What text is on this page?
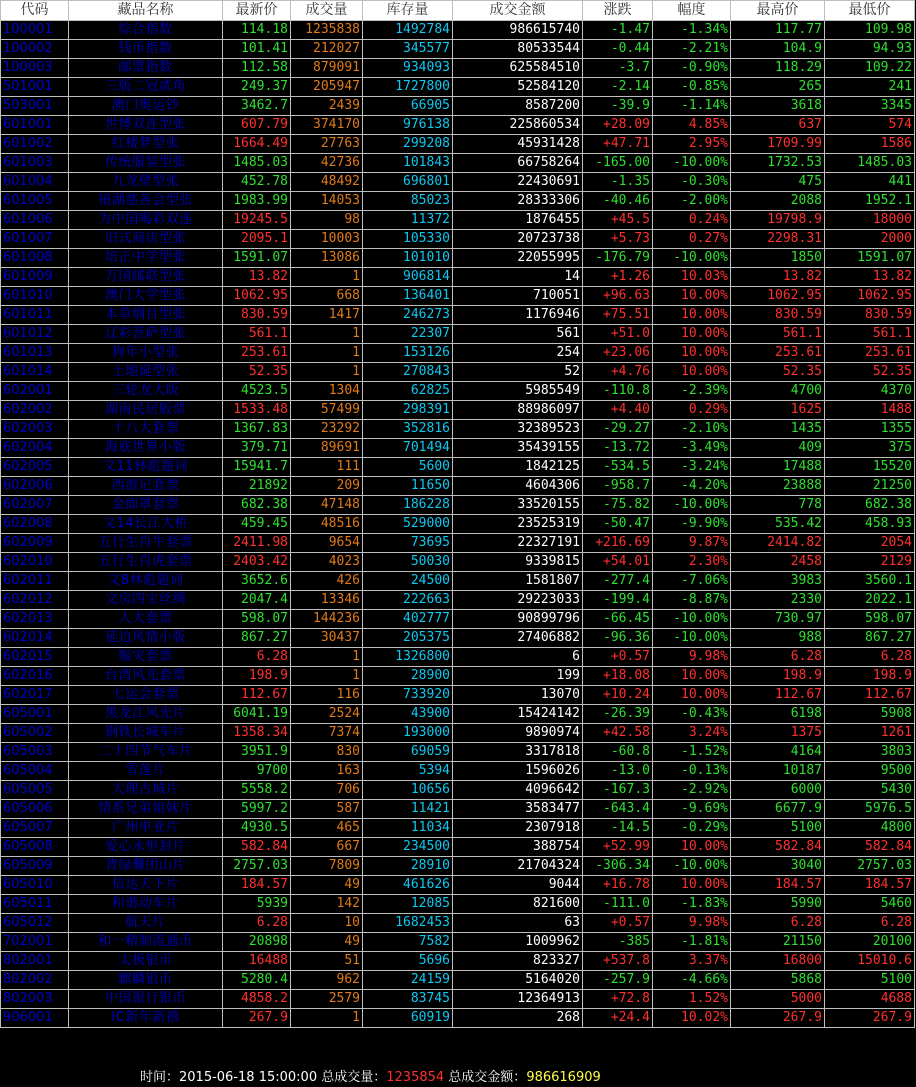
代码	藏品名称	最新价	成交量	库存量	成交金额	涨跌	幅度	最高价	最低价
100001	综合指数	114.18	1235838	1492784	986615740	-1.47	-1.34%	117.77	109.98
100002	钱币指数	101.41	212027	345577	80533544	-0.44	-2.21%	104.9	94.93
100003	邮票指数	112.58	879091	934093	625584510	-3.7	-0.90%	118.29	109.22
501001	三版二冠贰角	249.37	205947	1727800	52584120	-2.14	-0.85%	265	241
503001	澳门奥运钞	3462.7	2439	66905	8587200	-39.9	-1.14%	3618	3345
601001	世博双连型张	607.79	374170	976138	225860534	+28.09	4.85%	637	574
601002	红楼梦型张	1664.49	27763	299208	45931428	+47.71	2.95%	1709.99	1586
601003	传统服装型张	1485.03	42736	101843	66758264	-165.00	-10.00%	1732.53	1485.03
601004	九龙壁型张	452.78	48492	696801	22430691	-1.35	-0.30%	475	441
601005	镜湖慈善会型张	1983.99	14053	85023	28333306	-40.46	-2.00%	2088	1952.1
601006	为中国喝彩双连	19245.5	98	11372	1876455	+45.5	0.24%	19798.9	18000
601007	旧式商店型张	2095.1	10003	105330	20723738	+5.73	0.27%	2298.31	2000
601008	培正中学型张	1591.07	13086	101010	22055995	-176.79	-10.00%	1850	1591.07
601009	万国邮联型张	13.82	1	906814	14	+1.26	10.03%	13.82	13.82
601010	澳门大学型张	1062.95	668	136401	710051	+96.63	10.00%	1062.95	1062.95
601011	本草纲目型张	830.59	1417	246273	1176946	+75.51	10.00%	830.59	830.59
601012	辽彩菩萨型张	561.1	1	22307	561	+51.0	10.00%	561.1	561.1
601013	狗年小型张	253.61	1	153126	254	+23.06	10.00%	253.61	253.61
601014	土地诞型张	52.35	1	270843	52	+4.76	10.00%	52.35	52.35
602001	三轮龙大版	4523.5	1304	62825	5985549	-110.8	-2.39%	4700	4370
602002	湖南民居版票	1533.48	57499	298391	88986097	+4.40	0.29%	1625	1488
602003	十八大套票	1367.83	23292	352816	32389523	-29.27	-2.10%	1435	1355
602004	海底世界小版	379.71	89691	701494	35439155	-13.72	-3.49%	409	375
602005	文11林彪题词	15941.7	111	5600	1842125	-534.5	-3.24%	17488	15520
602006	西游记套票	21892	209	11650	4604306	-958.7	-4.20%	23888	21250
602007	金面罩套票	682.38	47148	186228	33520155	-75.82	-10.00%	778	682.38
602008	文14长江大桥	459.45	48516	529000	23525319	-50.47	-9.90%	535.42	458.93
602009	五行生肖牛套票	2411.98	9654	73695	22327191	+216.69	9.87%	2414.82	2054
602010	五行生肖虎套票	2403.42	4023	50030	9339815	+54.01	2.30%	2458	2129
602011	文8林彪题词	3652.6	426	24500	1581807	-277.4	-7.06%	3983	3560.1
602012	文房四宝丝绸	2047.4	13346	222663	29223033	-199.4	-8.87%	2330	2022.1
602013	人大套票	598.07	144236	402777	90899796	-66.45	-10.00%	730.97	598.07
602014	延边风情小版	867.27	30437	205375	27406882	-96.36	-10.00%	988	867.27
602015	赈灾套票	6.28	1	1326800	6	+0.57	9.98%	6.28	6.28
602016	台湾风光套票	198.9	1	28900	199	+18.08	10.00%	198.9	198.9
602017	七运会套票	112.67	116	733920	13070	+10.24	10.00%	112.67	112.67
605001	黑龙江风光片	6041.19	2524	43900	15424142	-26.39	-0.43%	6198	5908
605002	钢铁长城车片	1358.34	7374	193000	9890974	+42.58	3.24%	1375	1261
605003	二十四节气车片	3951.9	830	69059	3317818	-60.8	-1.52%	4164	3803
605004	雪莲片	9700	163	5394	1596026	-13.0	-0.13%	10187	9500
605005	大理古城片	5558.2	706	10656	4096642	-167.3	-2.92%	6000	5430
605006	情系兄弟姐妹片	5997.2	587	11421	3583477	-643.4	-9.69%	6677.9	5976.5
605007	广州申亚片	4930.5	465	11034	2307918	-14.5	-0.29%	5100	4800
605008	爱心永恒封片	582.84	667	234500	388754	+52.99	10.00%	582.84	582.84
605009	背绿爨团山片	2757.03	7809	28910	21704324	-306.34	-10.00%	3040	2757.03
605010	信达天下片	184.57	49	461626	9044	+16.78	10.00%	184.57	184.57
605011	和谐动车片	5939	142	12085	821600	-111.0	-1.83%	5990	5460
605012	航天片	6.28	10	1682453	63	+0.57	9.98%	6.28	6.28
702001	和一精制流通币	20898	49	7582	1009962	-385	-1.81%	21150	20100
802001	太极银币	16488	51	5696	823327	+537.8	3.37%	16800	15010.6
802002	麒麟银币	5280.4	962	24159	5164020	-257.9	-4.66%	5868	5100
802003	中国银行银币	4858.2	2579	83745	12364913	+72.8	1.52%	5000	4688
906001	IC新年新禧	267.9	1	60919	268	+24.4	10.02%	267.9	267.9
时间：2015-06-18 15:00:00 总成交量：1235854 总成交金额：986616909
